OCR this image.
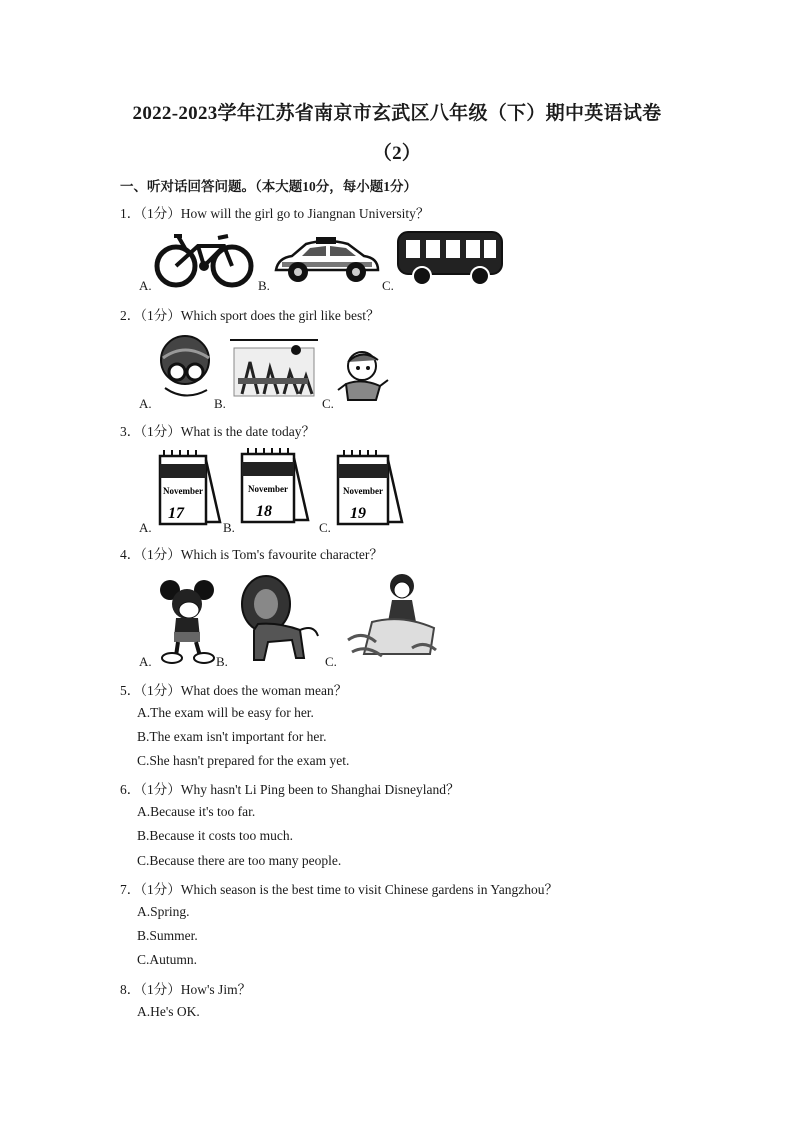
2022-2023学年江苏省南京市玄武区八年级（下）期中英语试卷
（2）
一、听对话回答问题。（本大题10分，每小题1分）
1．（1分）How will the girl go to Jiangnan University？
A.	B.	C.
2．（1分）Which sport does the girl like best？
A.	B.	C.
3．（1分）What is the date today？
November
17
A.
November
18
B.
November
19
C.
4．（1分）Which is Tom's favourite character？
A.	B.	C.
5．（1分）What does the woman mean？
A.The exam will be easy for her.
B.The exam isn't important for her.
C.She hasn't prepared for the exam yet.
6．（1分）Why hasn't Li Ping been to Shanghai Disneyland？
A.Because it's too far.
B.Because it costs too much.
C.Because there are too many people.
7．（1分）Which season is the best time to visit Chinese gardens in Yangzhou？
A.Spring.
B.Summer.
C.Autumn.
8．（1分）How's Jim？
A.He's OK.
